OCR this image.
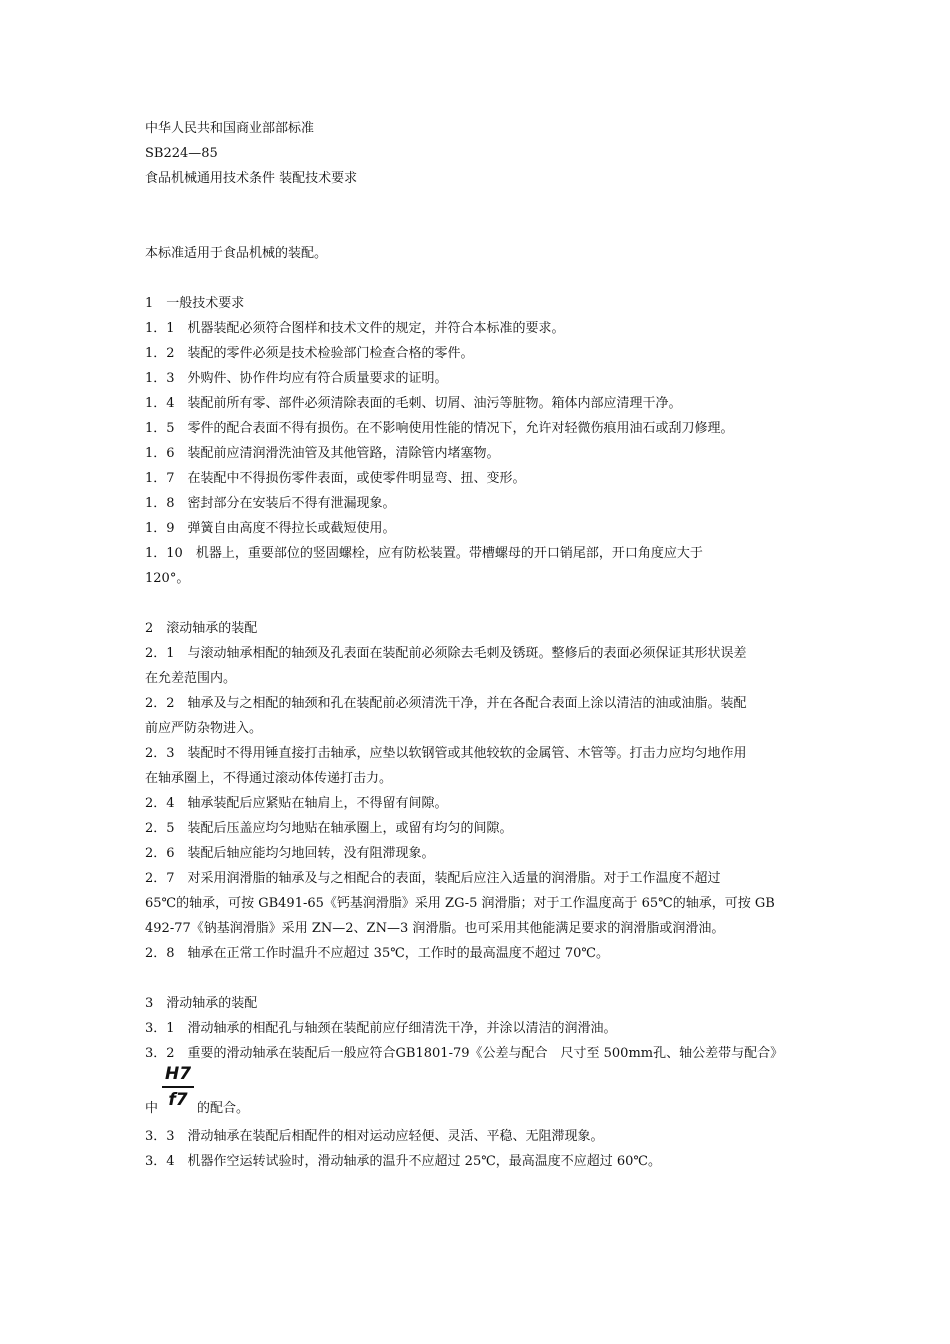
中华人民共和国商业部部标准
SB224—85
食品机械通用技术条件 装配技术要求
本标准适用于食品机械的装配。
1　一般技术要求
1．1　机器装配必须符合图样和技术文件的规定，并符合本标准的要求。
1．2　装配的零件必须是技术检验部门检查合格的零件。
1．3　外购件、协作件均应有符合质量要求的证明。
1．4　装配前所有零、部件必须清除表面的毛刺、切屑、油污等脏物。箱体内部应清理干净。
1．5　零件的配合表面不得有损伤。在不影响使用性能的情况下，允许对轻微伤痕用油石或刮刀修理。
1．6　装配前应清润滑洗油管及其他管路，清除管内堵塞物。
1．7　在装配中不得损伤零件表面，或使零件明显弯、扭、变形。
1．8　密封部分在安装后不得有泄漏现象。
1．9　弹簧自由高度不得拉长或截短使用。
1．10　机器上，重要部位的竖固螺栓，应有防松装置。带槽螺母的开口销尾部，开口角度应大于
120°。
2　滚动轴承的装配
2．1　与滚动轴承相配的轴颈及孔表面在装配前必须除去毛刺及锈斑。整修后的表面必须保证其形状误差
在允差范围内。
2．2　轴承及与之相配的轴颈和孔在装配前必须清洗干净，并在各配合表面上涂以清洁的油或油脂。装配
前应严防杂物进入。
2．3　装配时不得用锤直接打击轴承，应垫以软钢管或其他较软的金属管、木管等。打击力应均匀地作用
在轴承圈上，不得通过滚动体传递打击力。
2．4　轴承装配后应紧贴在轴肩上，不得留有间隙。
2．5　装配后压盖应均匀地贴在轴承圈上，或留有均匀的间隙。
2．6　装配后轴应能均匀地回转，没有阻滞现象。
2．7　对采用润滑脂的轴承及与之相配合的表面，装配后应注入适量的润滑脂。对于工作温度不超过
65℃的轴承，可按 GB491-65《钙基润滑脂》采用 ZG-5 润滑脂；对于工作温度高于 65℃的轴承，可按 GB
492-77《钠基润滑脂》采用 ZN—2、ZN—3 润滑脂。也可采用其他能满足要求的润滑脂或润滑油。
2．8　轴承在正常工作时温升不应超过 35℃，工作时的最高温度不超过 70℃。
3　滑动轴承的装配
3．1　滑动轴承的相配孔与轴颈在装配前应仔细清洗干净，并涂以清洁的润滑油。
3．2　重要的滑动轴承在装配后一般应符合GB1801-79《公差与配合　尺寸至 500mm孔、轴公差带与配合》
中 $\frac{H7}{f7}$ 的配合。
3．3　滑动轴承在装配后相配件的相对运动应轻便、灵活、平稳、无阻滞现象。
3．4　机器作空运转试验时，滑动轴承的温升不应超过 25℃，最高温度不应超过 60℃。
